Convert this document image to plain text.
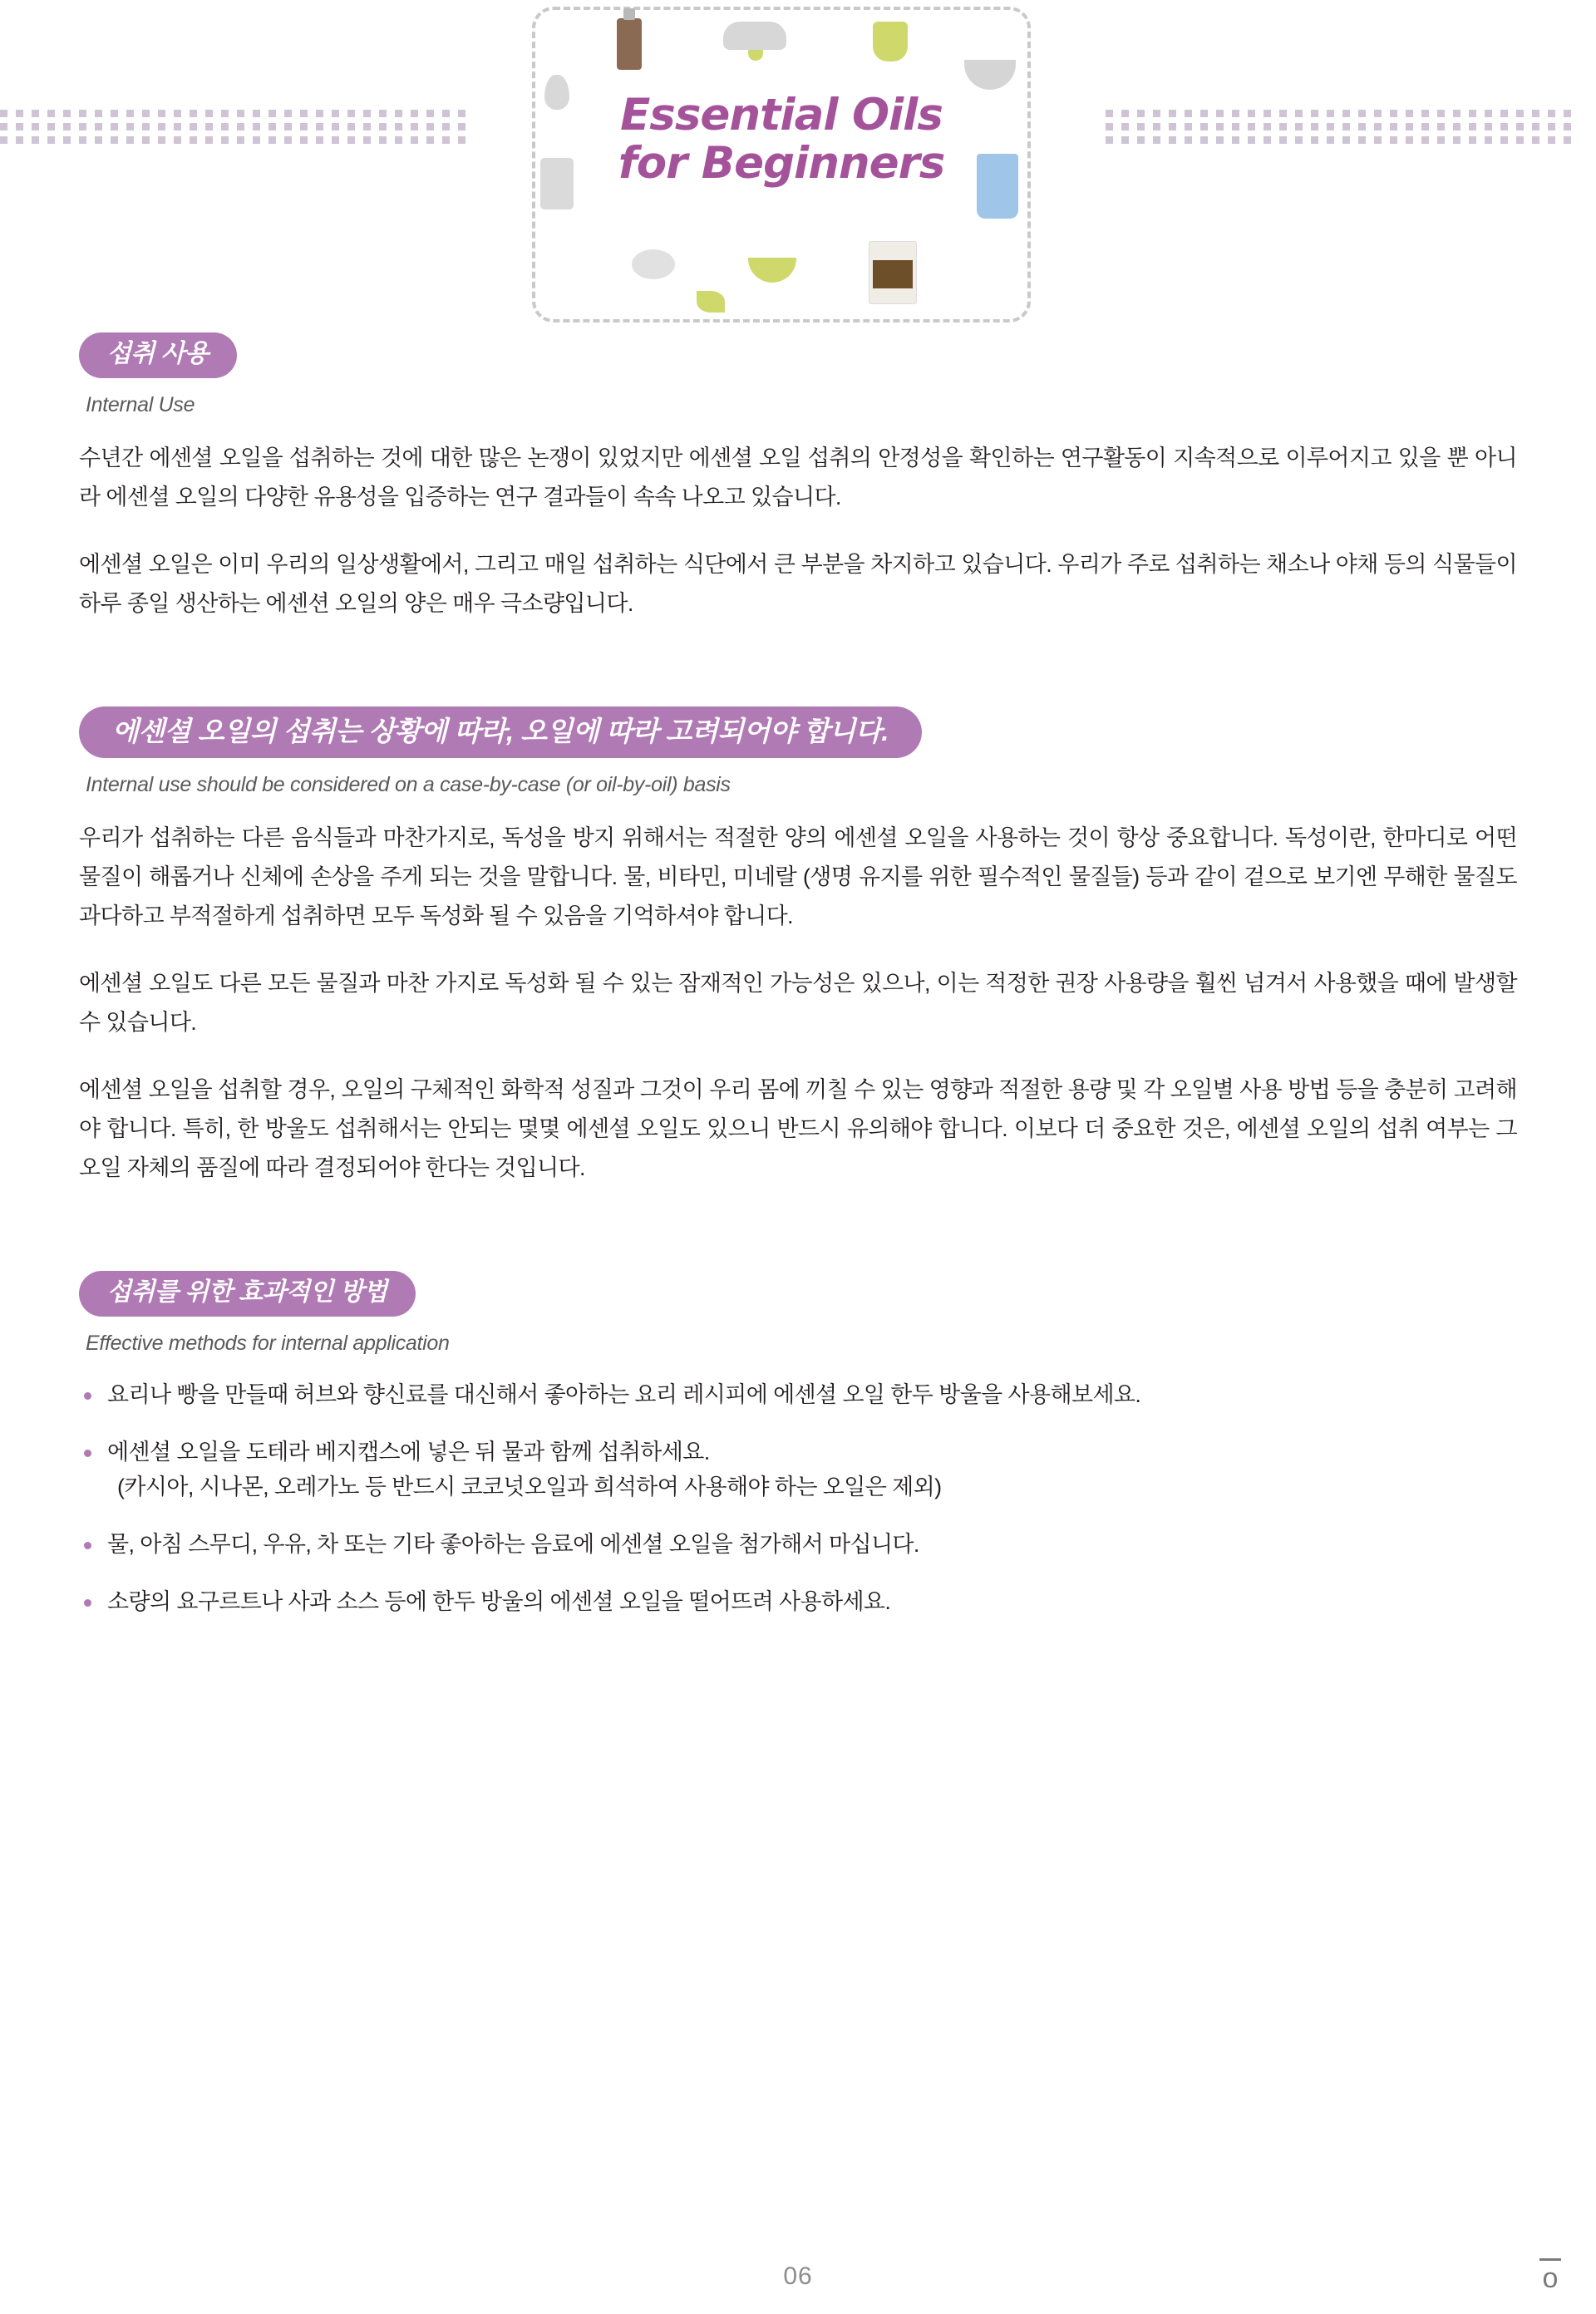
Essential Oils
for Beginners
섭취 사용
Internal Use

수년간 에센셜 오일을 섭취하는 것에 대한 많은 논쟁이 있었지만 에센셜 오일 섭취의 안정성을 확인하는 연구활동이 지속적으로 이루어지고 있을 뿐 아니라 에센셜 오일의 다양한 유용성을 입증하는 연구 결과들이 속속 나오고 있습니다.

에센셜 오일은 이미 우리의 일상생활에서, 그리고 매일 섭취하는 식단에서 큰 부분을 차지하고 있습니다. 우리가 주로 섭취하는 채소나 야채 등의 식물들이 하루 종일 생산하는 에센션 오일의 양은 매우 극소량입니다.

에센셜 오일의 섭취는 상황에 따라, 오일에 따라 고려되어야 합니다.
Internal use should be considered on a case-by-case (or oil-by-oil) basis

우리가 섭취하는 다른 음식들과 마찬가지로, 독성을 방지 위해서는 적절한 양의 에센셜 오일을 사용하는 것이 항상 중요합니다. 독성이란, 한마디로 어떤 물질이 해롭거나 신체에 손상을 주게 되는 것을 말합니다. 물, 비타민, 미네랄 (생명 유지를 위한 필수적인 물질들) 등과 같이 겉으로 보기엔 무해한 물질도 과다하고 부적절하게 섭취하면 모두 독성화 될 수 있음을 기억하셔야 합니다.

에센셜 오일도 다른 모든 물질과 마찬 가지로 독성화 될 수 있는 잠재적인 가능성은 있으나, 이는 적정한 권장 사용량을 훨씬 넘겨서 사용했을 때에 발생할 수 있습니다.

에센셜 오일을 섭취할 경우, 오일의 구체적인 화학적 성질과 그것이 우리 몸에 끼칠 수 있는 영향과 적절한 용량 및 각 오일별 사용 방법 등을 충분히 고려해야 합니다. 특히, 한 방울도 섭취해서는 안되는 몇몇 에센셜 오일도 있으니 반드시 유의해야 합니다. 이보다 더 중요한 것은, 에센셜 오일의 섭취 여부는 그 오일 자체의 품질에 따라 결정되어야 한다는 것입니다.

섭취를 위한 효과적인 방법
Effective methods for internal application
요리나 빵을 만들때 허브와 향신료를 대신해서 좋아하는 요리 레시피에 에센셜 오일 한두 방울을 사용해보세요.
에센셜 오일을 도테라 베지캡스에 넣은 뒤 물과 함께 섭취하세요.
(카시아, 시나몬, 오레가노 등 반드시 코코넛오일과 희석하여 사용해야 하는 오일은 제외)
물, 아침 스무디, 우유, 차 또는 기타 좋아하는 음료에 에센셜 오일을 첨가해서 마십니다.
소량의 요구르트나 사과 소스 등에 한두 방울의 에센셜 오일을 떨어뜨려 사용하세요.
06	o
